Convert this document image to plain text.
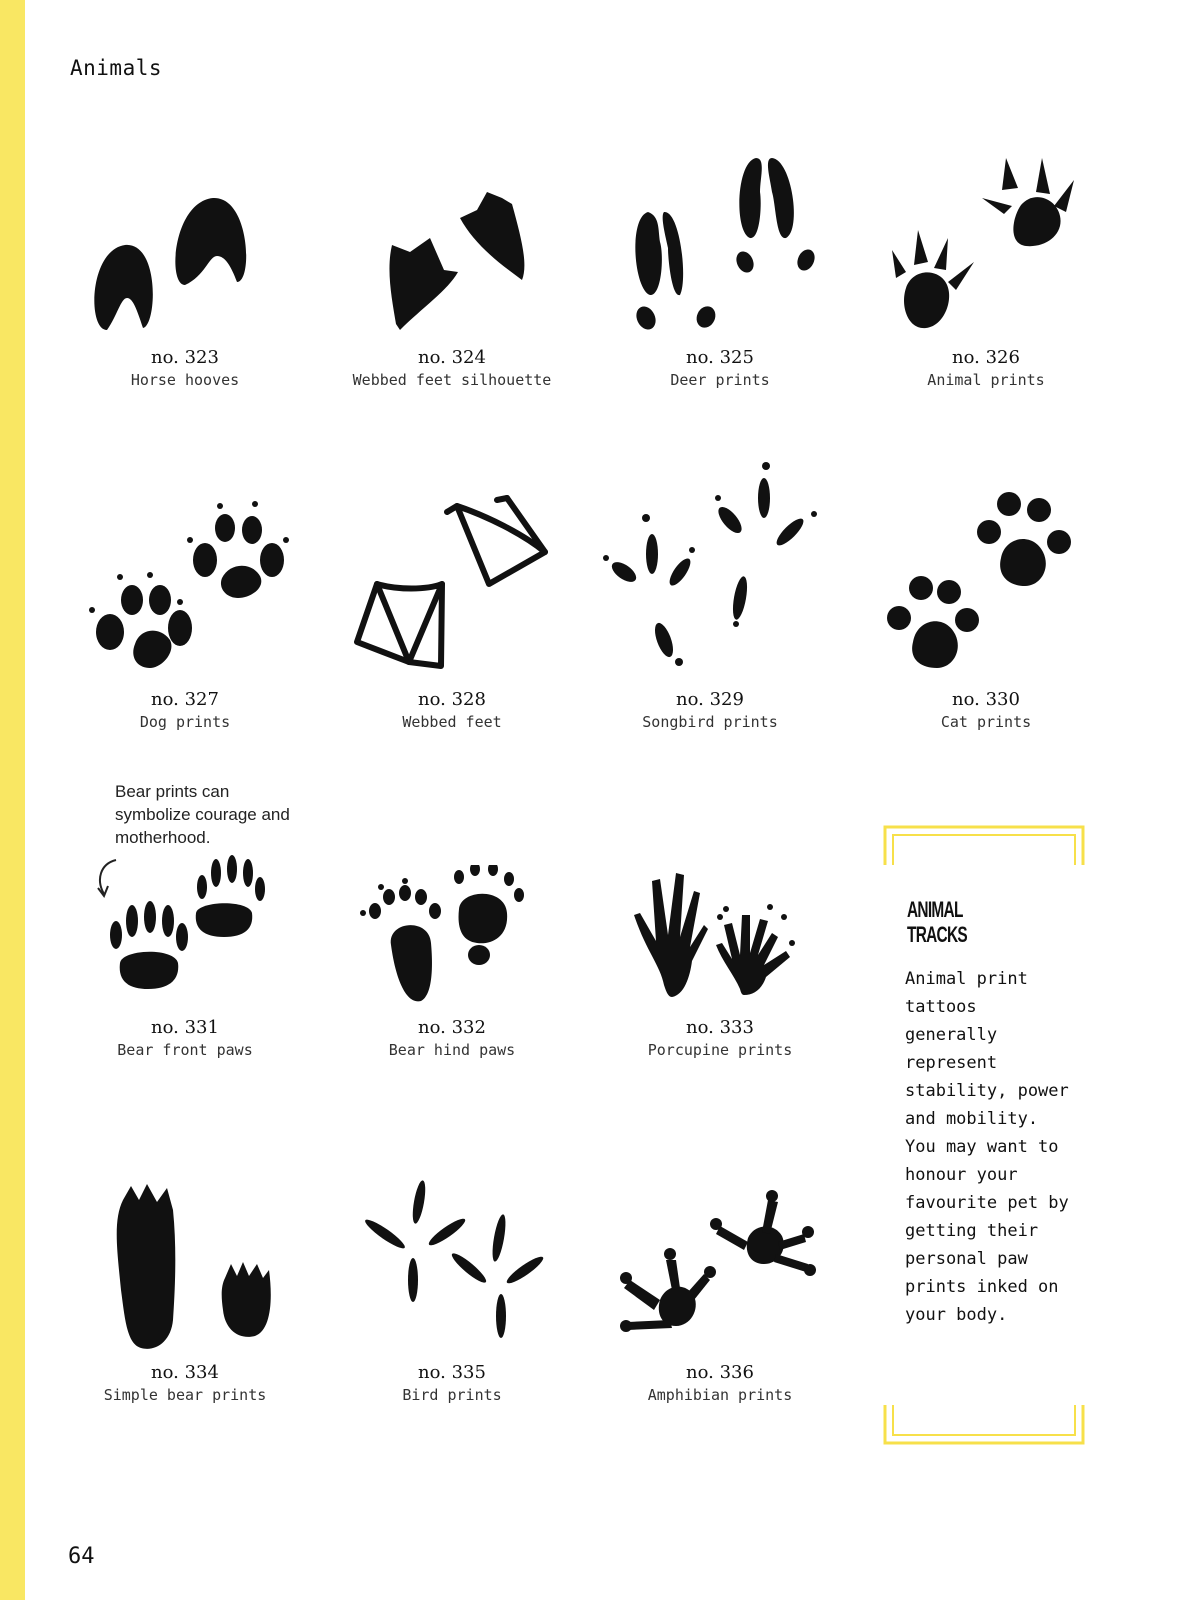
Animals
no. 323
Horse hooves
no. 324
Webbed feet silhouette
no. 325
Deer prints
no. 326
Animal prints
no. 327
Dog prints
no. 328
Webbed feet
no. 329
Songbird prints
no. 330
Cat prints
Bear prints can symbolize courage and motherhood.
no. 331
Bear front paws
no. 332
Bear hind paws
no. 333
Porcupine prints
no. 334
Simple bear prints
no. 335
Bird prints
no. 336
Amphibian prints
ANIMAL
TRACKS
Animal print tattoos generally represent stability, power and mobility. You may want to honour your favourite pet by getting their personal paw prints inked on your body.
64
